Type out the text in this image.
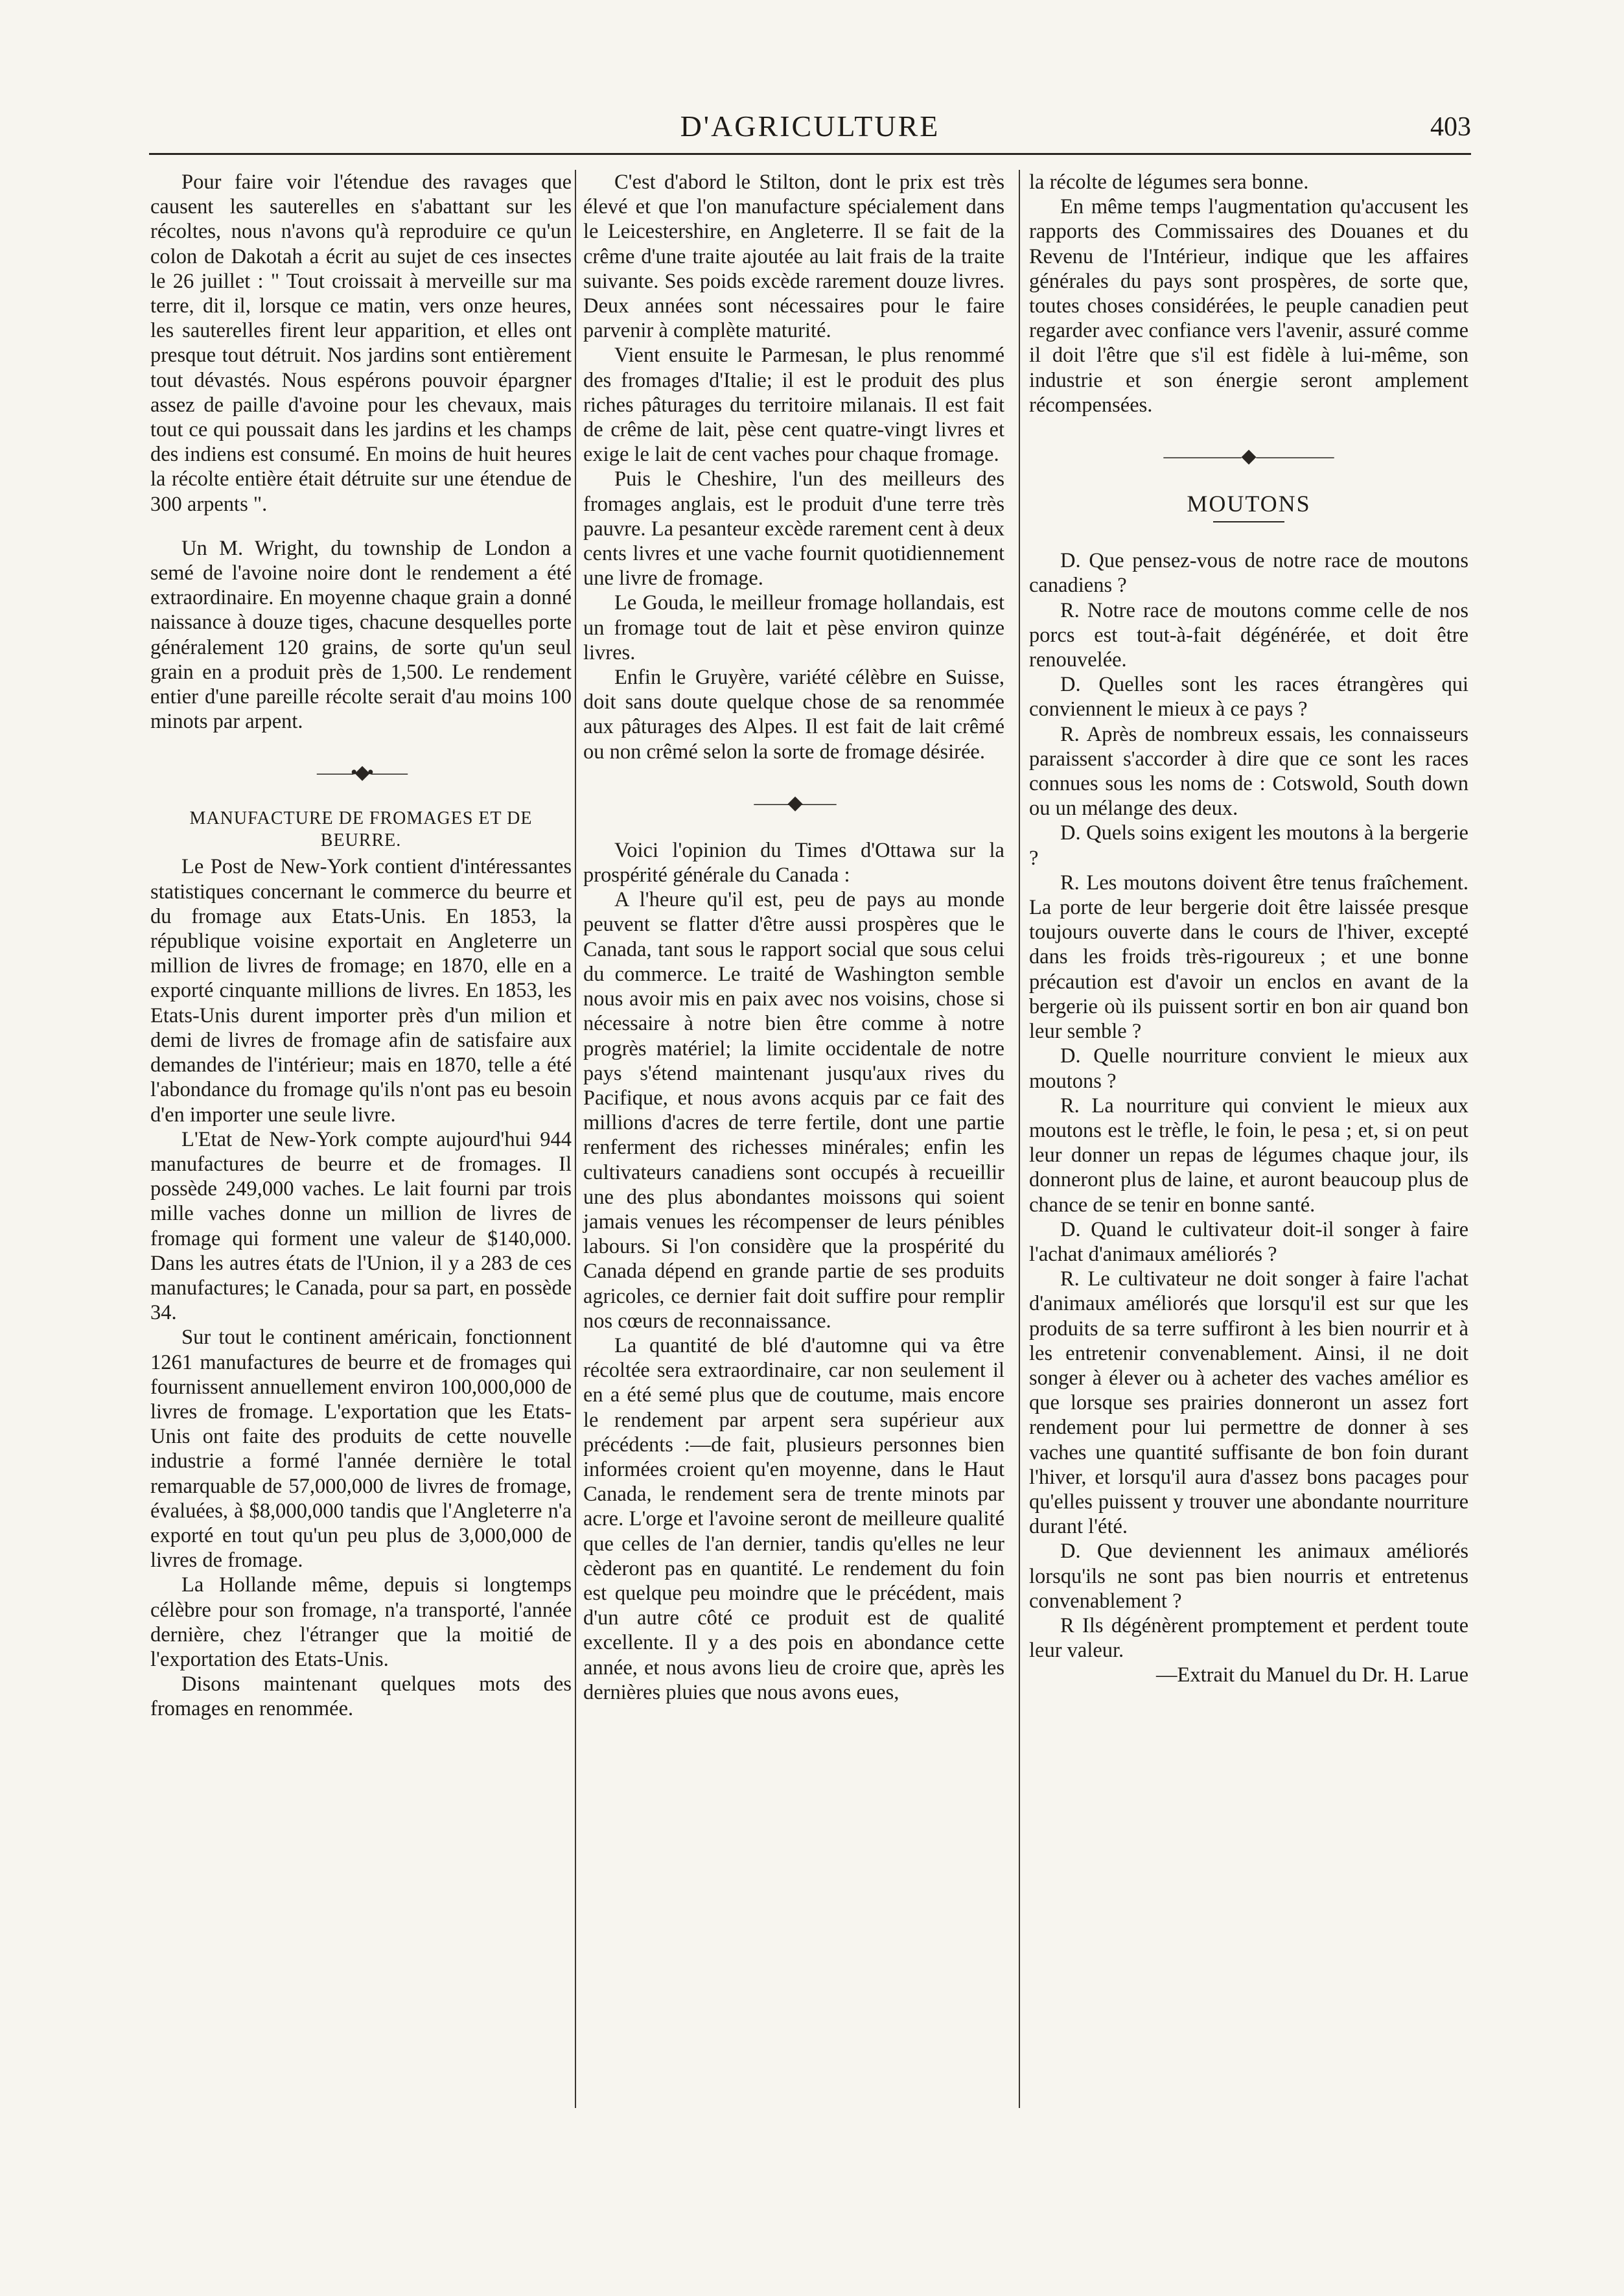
D'AGRICULTURE	403

Pour faire voir l'étendue des ravages que causent les sauterelles en s'abattant sur les récoltes, nous n'avons qu'à reproduire ce qu'un colon de Dakotah a écrit au sujet de ces insectes le 26 juillet : " Tout croissait à merveille sur ma terre, dit il, lorsque ce matin, vers onze heures, les sauterelles firent leur apparition, et elles ont presque tout détruit. Nos jardins sont entièrement tout dévastés. Nous espérons pouvoir épargner assez de paille d'avoine pour les chevaux, mais tout ce qui poussait dans les jardins et les champs des indiens est consumé. En moins de huit heures la récolte entière était détruite sur une étendue de 300 arpents ".

Un M. Wright, du township de London a semé de l'avoine noire dont le rendement a été extraordinaire. En moyenne chaque grain a donné naissance à douze tiges, chacune desquelles porte généralement 120 grains, de sorte qu'un seul grain en a produit près de 1,500. Le rendement entier d'une pareille récolte serait d'au moins 100 minots par arpent.

——•◆•——
MANUFACTURE DE FROMAGES ET DE BEURRE.

Le Post de New-York contient d'intéressantes statistiques concernant le commerce du beurre et du fromage aux Etats-Unis. En 1853, la république voisine exportait en Angleterre un million de livres de fromage; en 1870, elle en a exporté cinquante millions de livres. En 1853, les Etats-Unis durent importer près d'un milion et demi de livres de fromage afin de satisfaire aux demandes de l'intérieur; mais en 1870, telle a été l'abondance du fromage qu'ils n'ont pas eu besoin d'en importer une seule livre.

L'Etat de New-York compte aujourd'hui 944 manufactures de beurre et de fromages. Il possède 249,000 vaches. Le lait fourni par trois mille vaches donne un million de livres de fromage qui forment une valeur de $140,000. Dans les autres états de l'Union, il y a 283 de ces manufactures; le Canada, pour sa part, en possède 34.

Sur tout le continent américain, fonctionnent 1261 manufactures de beurre et de fromages qui fournissent annuellement environ 100,000,000 de livres de fromage. L'exportation que les Etats-Unis ont faite des produits de cette nouvelle industrie a formé l'année dernière le total remarquable de 57,000,000 de livres de fromage, évaluées, à $8,000,000 tandis que l'Angleterre n'a exporté en tout qu'un peu plus de 3,000,000 de livres de fromage.

La Hollande même, depuis si longtemps célèbre pour son fromage, n'a transporté, l'année dernière, chez l'étranger que la moitié de l'exportation des Etats-Unis.

Disons maintenant quelques mots des fromages en renommée.

C'est d'abord le Stilton, dont le prix est très élevé et que l'on manufacture spécialement dans le Leicestershire, en Angleterre. Il se fait de la crême d'une traite ajoutée au lait frais de la traite suivante. Ses poids excède rarement douze livres. Deux années sont nécessaires pour le faire parvenir à complète maturité.

Vient ensuite le Parmesan, le plus renommé des fromages d'Italie; il est le produit des plus riches pâturages du territoire milanais. Il est fait de crême de lait, pèse cent quatre-vingt livres et exige le lait de cent vaches pour chaque fromage.

Puis le Cheshire, l'un des meilleurs des fromages anglais, est le produit d'une terre très pauvre. La pesanteur excède rarement cent à deux cents livres et une vache fournit quotidiennement une livre de fromage.

Le Gouda, le meilleur fromage hollandais, est un fromage tout de lait et pèse environ quinze livres.

Enfin le Gruyère, variété célèbre en Suisse, doit sans doute quelque chose de sa renommée aux pâturages des Alpes. Il est fait de lait crêmé ou non crêmé selon la sorte de fromage désirée.

——◆——

Voici l'opinion du Times d'Ottawa sur la prospérité générale du Canada :

A l'heure qu'il est, peu de pays au monde peuvent se flatter d'être aussi prospères que le Canada, tant sous le rapport social que sous celui du commerce. Le traité de Washington semble nous avoir mis en paix avec nos voisins, chose si nécessaire à notre bien être comme à notre progrès matériel; la limite occidentale de notre pays s'étend maintenant jusqu'aux rives du Pacifique, et nous avons acquis par ce fait des millions d'acres de terre fertile, dont une partie renferment des richesses minérales; enfin les cultivateurs canadiens sont occupés à recueillir une des plus abondantes moissons qui soient jamais venues les récompenser de leurs pénibles labours. Si l'on considère que la prospérité du Canada dépend en grande partie de ses produits agricoles, ce dernier fait doit suffire pour remplir nos cœurs de reconnaissance.

La quantité de blé d'automne qui va être récoltée sera extraordinaire, car non seulement il en a été semé plus que de coutume, mais encore le rendement par arpent sera supérieur aux précédents :—de fait, plusieurs personnes bien informées croient qu'en moyenne, dans le Haut Canada, le rendement sera de trente minots par acre. L'orge et l'avoine seront de meilleure qualité que celles de l'an dernier, tandis qu'elles ne leur cèderont pas en quantité. Le rendement du foin est quelque peu moindre que le précédent, mais d'un autre côté ce produit est de qualité excellente. Il y a des pois en abondance cette année, et nous avons lieu de croire que, après les dernières pluies que nous avons eues,

la récolte de légumes sera bonne.

En même temps l'augmentation qu'accusent les rapports des Commissaires des Douanes et du Revenu de l'Intérieur, indique que les affaires générales du pays sont prospères, de sorte que, toutes choses considérées, le peuple canadien peut regarder avec confiance vers l'avenir, assuré comme il doit l'être que s'il est fidèle à lui-même, son industrie et son énergie seront amplement récompensées.

————◆————
MOUTONS

D. Que pensez-vous de notre race de moutons canadiens ?

R. Notre race de moutons comme celle de nos porcs est tout-à-fait dégénérée, et doit être renouvelée.

D. Quelles sont les races étrangères qui conviennent le mieux à ce pays ?

R. Après de nombreux essais, les connaisseurs paraissent s'accorder à dire que ce sont les races connues sous les noms de : Cotswold, South down ou un mélange des deux.

D. Quels soins exigent les moutons à la bergerie ?

R. Les moutons doivent être tenus fraîchement. La porte de leur bergerie doit être laissée presque toujours ouverte dans le cours de l'hiver, excepté dans les froids très-rigoureux ; et une bonne précaution est d'avoir un enclos en avant de la bergerie où ils puissent sortir en bon air quand bon leur semble ?

D. Quelle nourriture convient le mieux aux moutons ?

R. La nourriture qui convient le mieux aux moutons est le trèfle, le foin, le pesa ; et, si on peut leur donner un repas de légumes chaque jour, ils donneront plus de laine, et auront beaucoup plus de chance de se tenir en bonne santé.

D. Quand le cultivateur doit-il songer à faire l'achat d'animaux améliorés ?

R. Le cultivateur ne doit songer à faire l'achat d'animaux améliorés que lorsqu'il est sur que les produits de sa terre suffiront à les bien nourrir et à les entretenir convenablement. Ainsi, il ne doit songer à élever ou à acheter des vaches amélior es que lorsque ses prairies donneront un assez fort rendement pour lui permettre de donner à ses vaches une quantité suffisante de bon foin durant l'hiver, et lorsqu'il aura d'assez bons pacages pour qu'elles puissent y trouver une abondante nourriture durant l'été.

D. Que deviennent les animaux améliorés lorsqu'ils ne sont pas bien nourris et entretenus convenablement ?

R Ils dégénèrent promptement et perdent toute leur valeur.

—Extrait du Manuel du Dr. H. Larue
